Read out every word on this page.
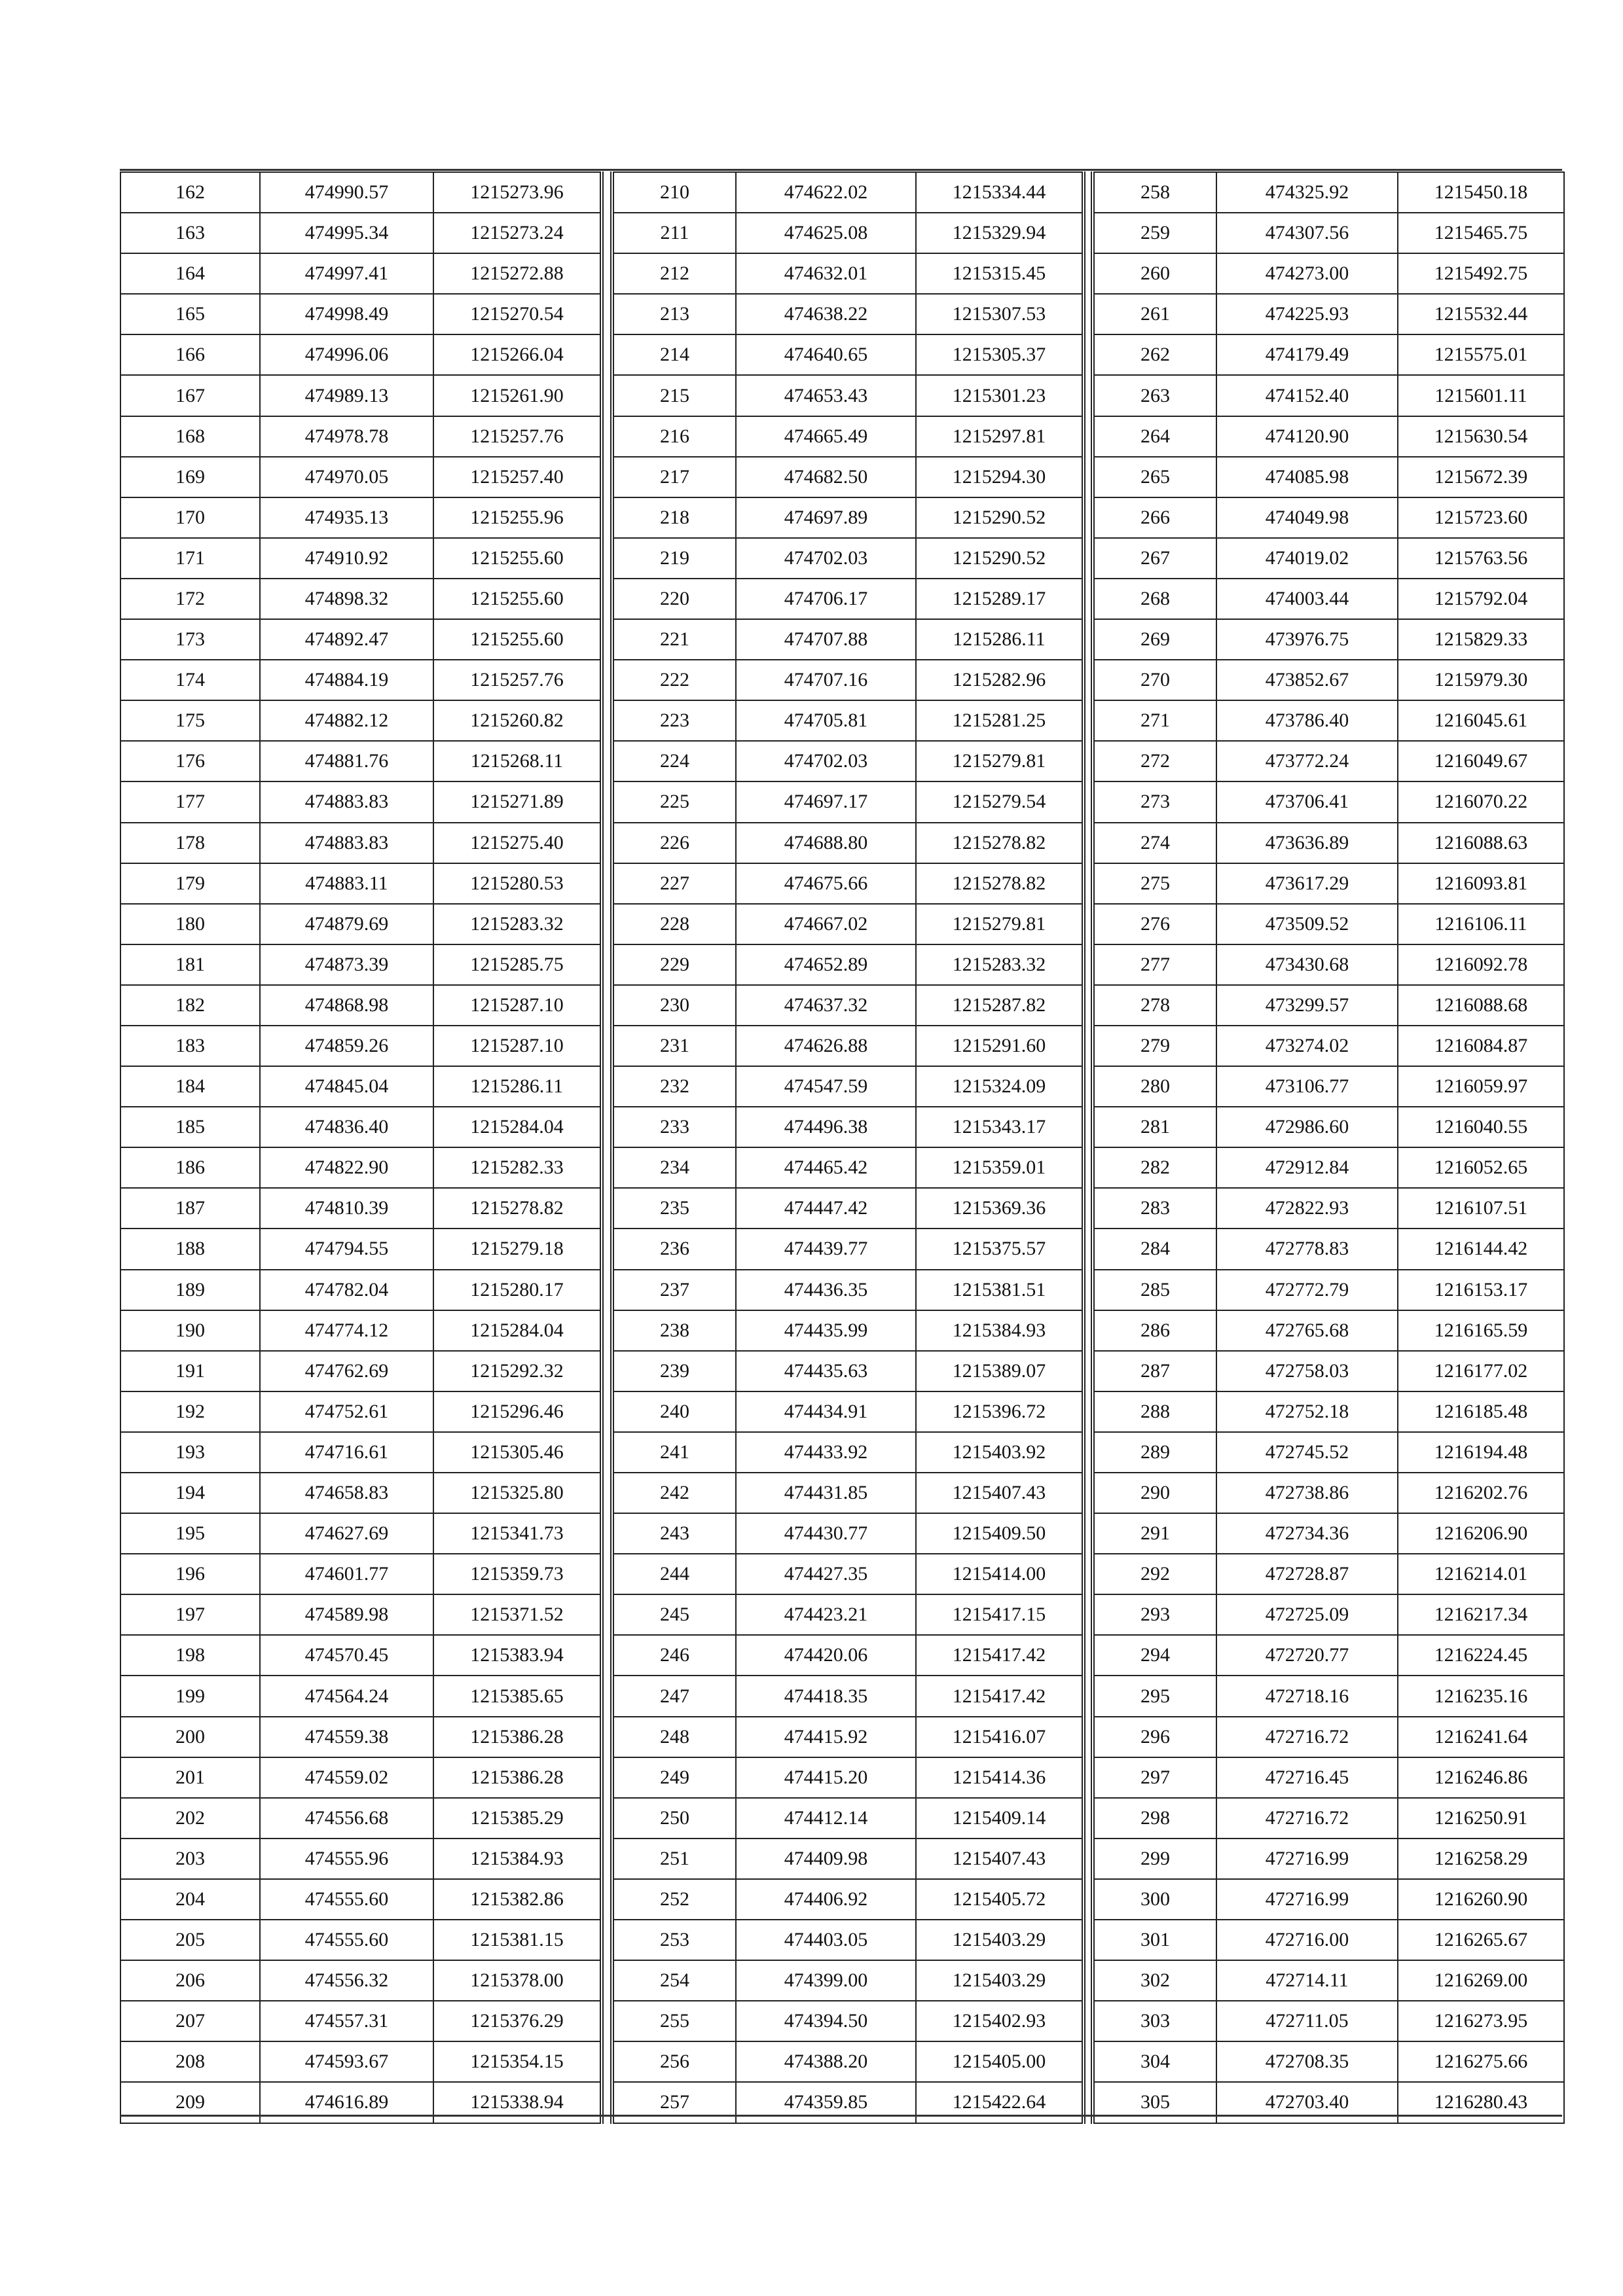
162	474990.57	1215273.96
163	474995.34	1215273.24
164	474997.41	1215272.88
165	474998.49	1215270.54
166	474996.06	1215266.04
167	474989.13	1215261.90
168	474978.78	1215257.76
169	474970.05	1215257.40
170	474935.13	1215255.96
171	474910.92	1215255.60
172	474898.32	1215255.60
173	474892.47	1215255.60
174	474884.19	1215257.76
175	474882.12	1215260.82
176	474881.76	1215268.11
177	474883.83	1215271.89
178	474883.83	1215275.40
179	474883.11	1215280.53
180	474879.69	1215283.32
181	474873.39	1215285.75
182	474868.98	1215287.10
183	474859.26	1215287.10
184	474845.04	1215286.11
185	474836.40	1215284.04
186	474822.90	1215282.33
187	474810.39	1215278.82
188	474794.55	1215279.18
189	474782.04	1215280.17
190	474774.12	1215284.04
191	474762.69	1215292.32
192	474752.61	1215296.46
193	474716.61	1215305.46
194	474658.83	1215325.80
195	474627.69	1215341.73
196	474601.77	1215359.73
197	474589.98	1215371.52
198	474570.45	1215383.94
199	474564.24	1215385.65
200	474559.38	1215386.28
201	474559.02	1215386.28
202	474556.68	1215385.29
203	474555.96	1215384.93
204	474555.60	1215382.86
205	474555.60	1215381.15
206	474556.32	1215378.00
207	474557.31	1215376.29
208	474593.67	1215354.15
209	474616.89	1215338.94
210	474622.02	1215334.44
211	474625.08	1215329.94
212	474632.01	1215315.45
213	474638.22	1215307.53
214	474640.65	1215305.37
215	474653.43	1215301.23
216	474665.49	1215297.81
217	474682.50	1215294.30
218	474697.89	1215290.52
219	474702.03	1215290.52
220	474706.17	1215289.17
221	474707.88	1215286.11
222	474707.16	1215282.96
223	474705.81	1215281.25
224	474702.03	1215279.81
225	474697.17	1215279.54
226	474688.80	1215278.82
227	474675.66	1215278.82
228	474667.02	1215279.81
229	474652.89	1215283.32
230	474637.32	1215287.82
231	474626.88	1215291.60
232	474547.59	1215324.09
233	474496.38	1215343.17
234	474465.42	1215359.01
235	474447.42	1215369.36
236	474439.77	1215375.57
237	474436.35	1215381.51
238	474435.99	1215384.93
239	474435.63	1215389.07
240	474434.91	1215396.72
241	474433.92	1215403.92
242	474431.85	1215407.43
243	474430.77	1215409.50
244	474427.35	1215414.00
245	474423.21	1215417.15
246	474420.06	1215417.42
247	474418.35	1215417.42
248	474415.92	1215416.07
249	474415.20	1215414.36
250	474412.14	1215409.14
251	474409.98	1215407.43
252	474406.92	1215405.72
253	474403.05	1215403.29
254	474399.00	1215403.29
255	474394.50	1215402.93
256	474388.20	1215405.00
257	474359.85	1215422.64
258	474325.92	1215450.18
259	474307.56	1215465.75
260	474273.00	1215492.75
261	474225.93	1215532.44
262	474179.49	1215575.01
263	474152.40	1215601.11
264	474120.90	1215630.54
265	474085.98	1215672.39
266	474049.98	1215723.60
267	474019.02	1215763.56
268	474003.44	1215792.04
269	473976.75	1215829.33
270	473852.67	1215979.30
271	473786.40	1216045.61
272	473772.24	1216049.67
273	473706.41	1216070.22
274	473636.89	1216088.63
275	473617.29	1216093.81
276	473509.52	1216106.11
277	473430.68	1216092.78
278	473299.57	1216088.68
279	473274.02	1216084.87
280	473106.77	1216059.97
281	472986.60	1216040.55
282	472912.84	1216052.65
283	472822.93	1216107.51
284	472778.83	1216144.42
285	472772.79	1216153.17
286	472765.68	1216165.59
287	472758.03	1216177.02
288	472752.18	1216185.48
289	472745.52	1216194.48
290	472738.86	1216202.76
291	472734.36	1216206.90
292	472728.87	1216214.01
293	472725.09	1216217.34
294	472720.77	1216224.45
295	472718.16	1216235.16
296	472716.72	1216241.64
297	472716.45	1216246.86
298	472716.72	1216250.91
299	472716.99	1216258.29
300	472716.99	1216260.90
301	472716.00	1216265.67
302	472714.11	1216269.00
303	472711.05	1216273.95
304	472708.35	1216275.66
305	472703.40	1216280.43
